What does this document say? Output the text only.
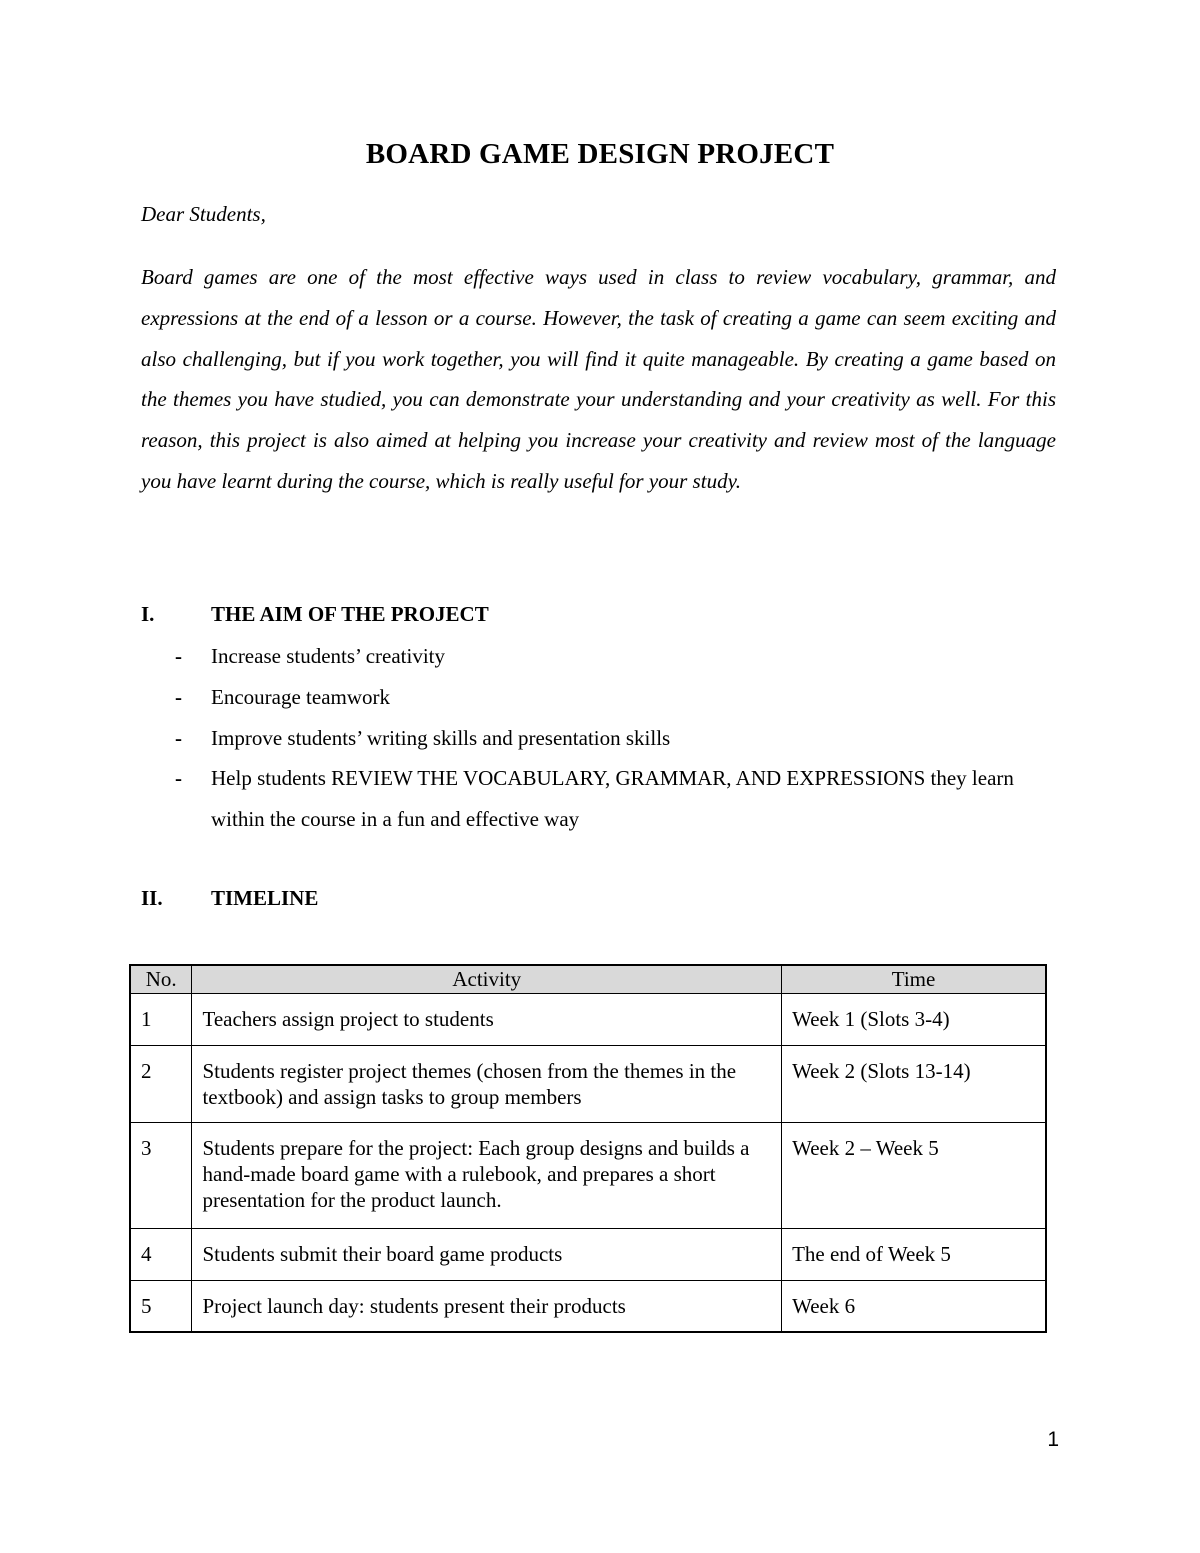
BOARD GAME DESIGN PROJECT
Dear Students,

Board games are one of the most effective ways used in class to review vocabulary, grammar, and expressions at the end of a lesson or a course. However, the task of creating a game can seem exciting and also challenging, but if you work together, you will find it quite manageable. By creating a game based on the themes you have studied, you can demonstrate your understanding and your creativity as well. For this reason, this project is also aimed at helping you increase your creativity and review most of the language you have learnt during the course, which is really useful for your study.

I.	THE AIM OF THE PROJECT
- Increase students’ creativity
- Encourage teamwork
- Improve students’ writing skills and presentation skills
- Help students REVIEW THE VOCABULARY, GRAMMAR, AND EXPRESSIONS they learn within the course in a fun and effective way
II. TIMELINE
No.	Activity	Time
1	Teachers assign project to students	Week 1 (Slots 3-4)
2	Students register project themes (chosen from the themes in the textbook) and assign tasks to group members	Week 2 (Slots 13-14)
3	Students prepare for the project: Each group designs and builds a hand-made board game with a rulebook, and prepares a short presentation for the product launch.	Week 2 – Week 5
4	Students submit their board game products	The end of Week 5
5	Project launch day: students present their products	Week 6
1
